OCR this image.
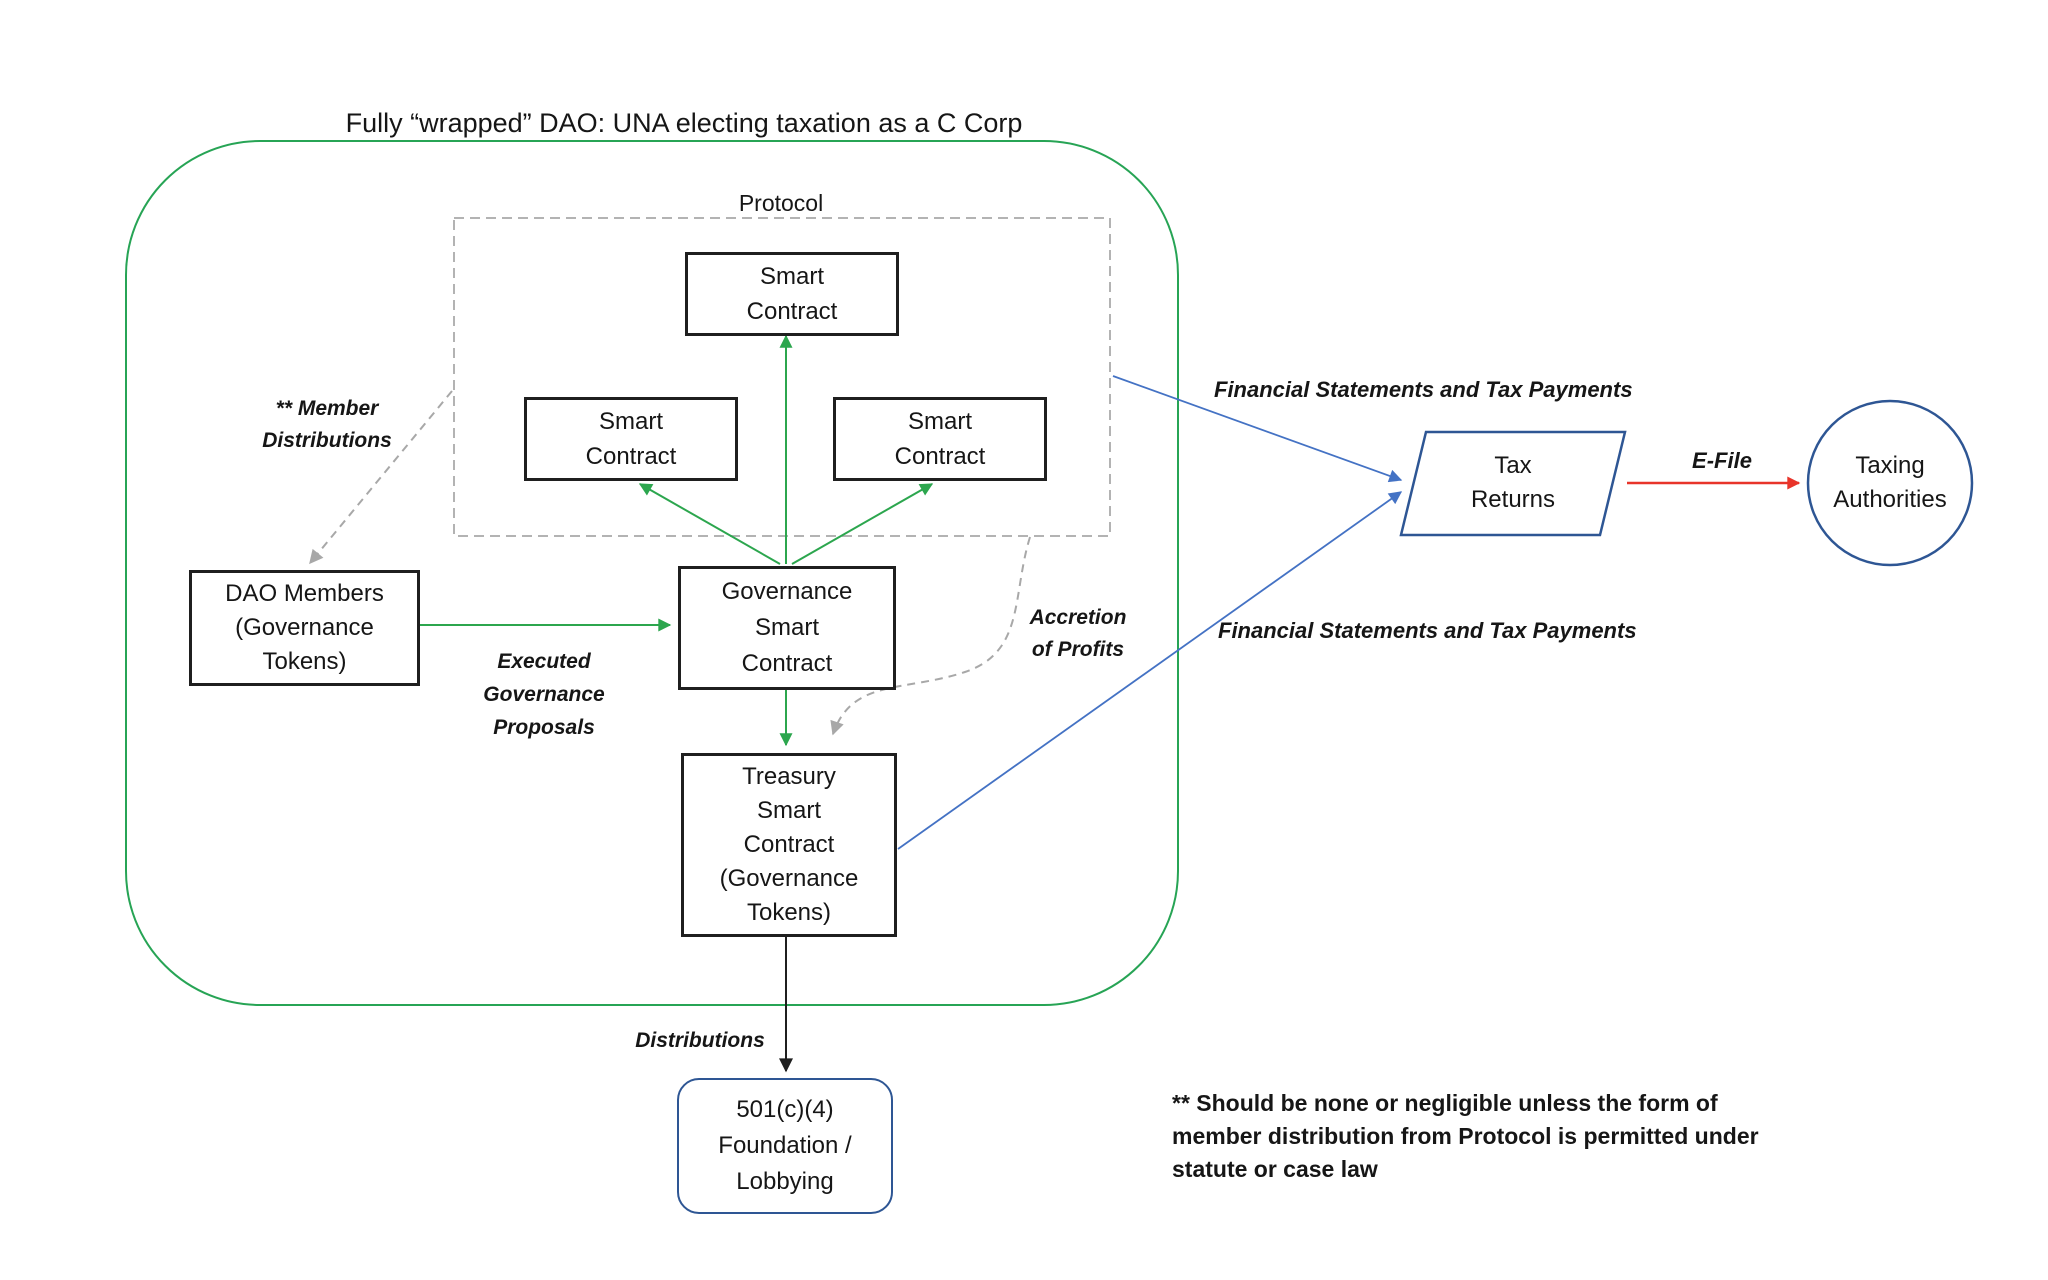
Fully “wrapped” DAO: UNA electing taxation as a C Corp
Protocol
Smart
Contract
Smart
Contract
Smart
Contract
Governance
Smart
Contract
DAO Members
(Governance
Tokens)
Treasury
Smart
Contract
(Governance
Tokens)
501(c)(4)
Foundation /
Lobbying
Tax
Returns
Taxing
Authorities
** Member
Distributions
Executed
Governance
Proposals
Accretion
of Profits
Financial Statements and Tax Payments
Financial Statements and Tax Payments
E-File
Distributions
** Should be none or negligible unless the form of
member distribution from Protocol is permitted under
statute or case law
